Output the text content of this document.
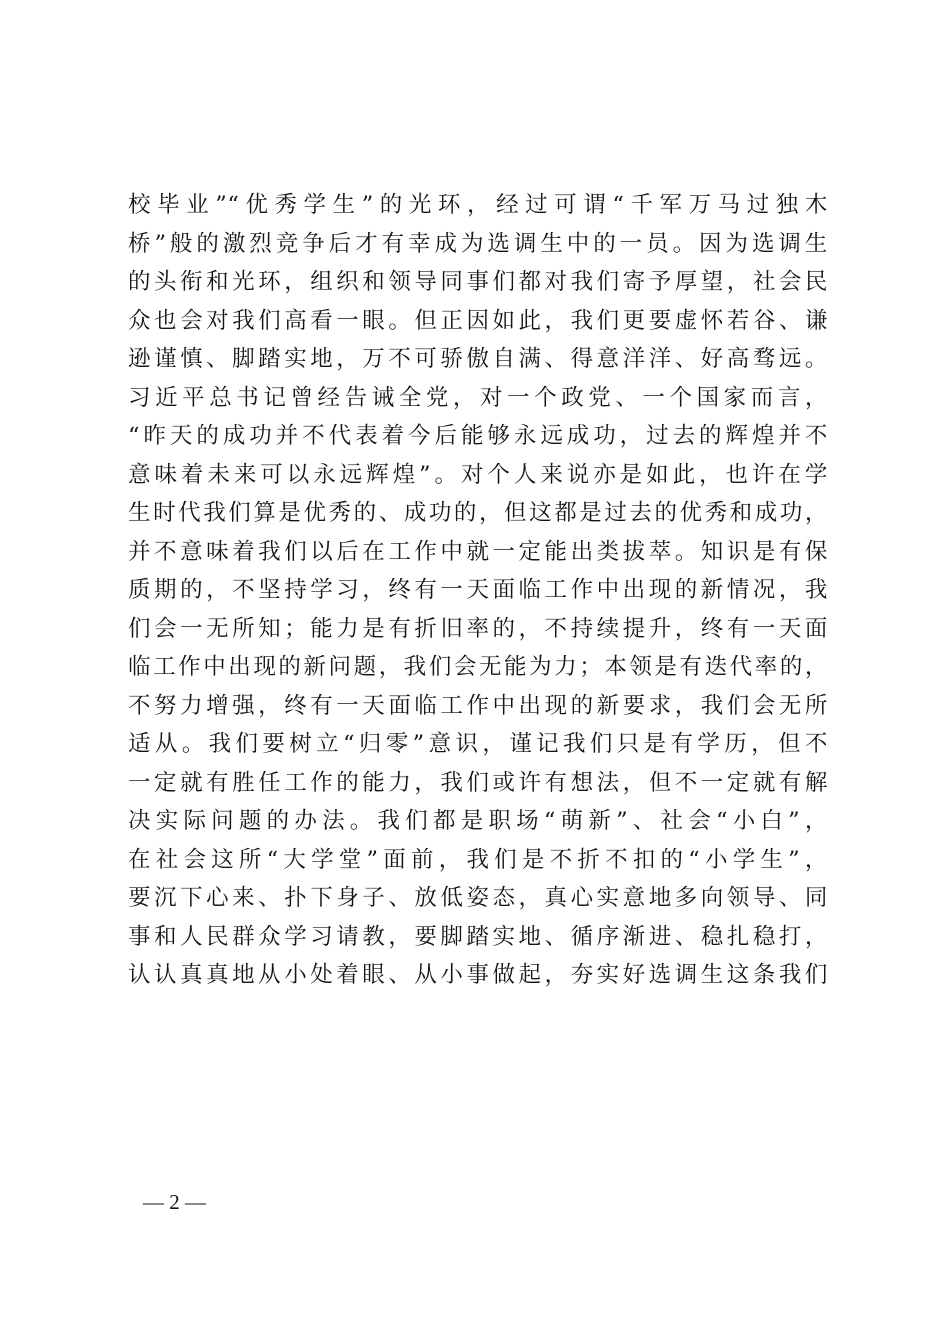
校毕业”“优秀学生”的光环，经过可谓“千军万马过独木
桥”般的激烈竞争后才有幸成为选调生中的一员。因为选调生
的头衔和光环，组织和领导同事们都对我们寄予厚望，社会民
众也会对我们高看一眼。但正因如此，我们更要虚怀若谷、谦
逊谨慎、脚踏实地，万不可骄傲自满、得意洋洋、好高骛远。
习近平总书记曾经告诫全党，对一个政党、一个国家而言，
“昨天的成功并不代表着今后能够永远成功，过去的辉煌并不
意味着未来可以永远辉煌”。对个人来说亦是如此，也许在学
生时代我们算是优秀的、成功的，但这都是过去的优秀和成功，
并不意味着我们以后在工作中就一定能出类拔萃。知识是有保
质期的，不坚持学习，终有一天面临工作中出现的新情况，我
们会一无所知；能力是有折旧率的，不持续提升，终有一天面
临工作中出现的新问题，我们会无能为力；本领是有迭代率的，
不努力增强，终有一天面临工作中出现的新要求，我们会无所
适从。我们要树立“归零”意识，谨记我们只是有学历，但不
一定就有胜任工作的能力，我们或许有想法，但不一定就有解
决实际问题的办法。我们都是职场“萌新”、社会“小白”，
在社会这所“大学堂”面前，我们是不折不扣的“小学生”，
要沉下心来、扑下身子、放低姿态，真心实意地多向领导、同
事和人民群众学习请教，要脚踏实地、循序渐进、稳扎稳打，
认认真真地从小处着眼、从小事做起，夯实好选调生这条我们
— 2 —
